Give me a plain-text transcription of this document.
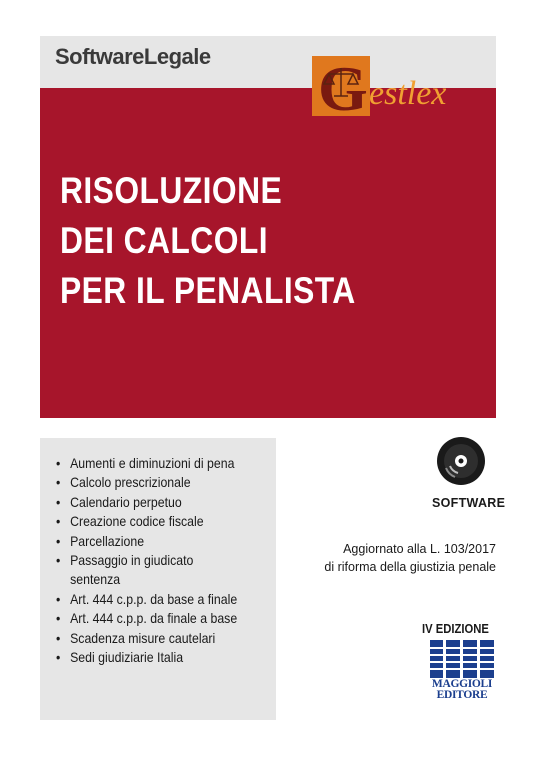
SoftwareLegale G estlex
RISOLUZIONE
DEI CALCOLI
PER IL PENALISTA
• Aumenti e diminuzioni di pena
• Calcolo prescrizionale
• Calendario perpetuo
• Creazione codice fiscale
• Parcellazione
• Passaggio in giudicato sentenza
• Art. 444 c.p.p. da base a finale
• Art. 444 c.p.p. da finale a base
• Scadenza misure cautelari
• Sedi giudiziarie Italia
SOFTWARE
Aggiornato alla L. 103/2017
di riforma della giustizia penale
IV EDIZIONE
MAGGIOLI
EDITORE
